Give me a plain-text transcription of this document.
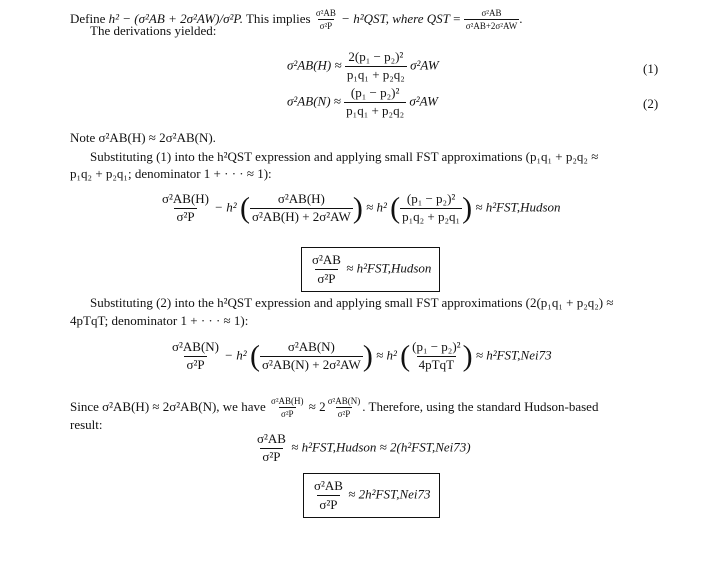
Define h² − (σ²AB + 2σ²AW)/σ²P. This implies $\frac{\text{σ²AB}}{\text{σ²P}} - h^2QST$, where QST = $\frac{\text{σ²AB}}{\text{σ²AB+2σ²AW}}$ .
The derivations yielded:
$\sigma^2AB(H) \approx \frac{\text{2(p₁ − p₂)²}}{\text{p₁q₁ + p₂q₂}} \sigma^2AW$	(1)
$\sigma^2AB(N) \approx \frac{\text{(p₁ − p₂)²}}{\text{p₁q₁ + p₂q₂}} \sigma^2AW$	(2)
Note σ²AB(H) ≈ 2σ²AB(N).
Substituting (1) into the h²QST expression and applying small FST approximations (p₁q₁ + p₂q₂ ≈
p₁q₂ + p₂q₁; denominator 1 + · · · ≈ 1):
$\frac{\text{σ²AB(H)}}{\text{σ²P}} - h^2$ ( $\frac{\text{σ²AB(H)}}{\text{σ²AB(H) + 2σ²AW}}$ ) ≈ h² ( $\frac{\text{(p₁ − p₂)²}}{\text{p₁q₂ + p₂q₁}}$ ) ≈ h²FST,Hudson
$\frac{\text{σ²AB}}{\text{σ²P}}$ ≈ h²FST,Hudson
Substituting (2) into the h²QST expression and applying small FST approximations (2(p₁q₁ + p₂q₂) ≈
4pTqT; denominator 1 + · · · ≈ 1):
$\frac{\text{σ²AB(N)}}{\text{σ²P}} - h^2$ ( $\frac{\text{σ²AB(N)}}{\text{σ²AB(N) + 2σ²AW}}$ ) ≈ h² ( $\frac{\text{(p₁ − p₂)²}}{\text{4pTqT}}$ ) ≈ h²FST,Nei73
Since σ²AB(H) ≈ 2σ²AB(N), we have $\frac{\text{σ²AB(H)}}{\text{σ²P}} \approx 2 \frac{\text{σ²AB(N)}}{\text{σ²P}}$ . Therefore, using the standard Hudson-based
result:
$\frac{\text{σ²AB}}{\text{σ²P}}$ ≈ h²FST,Hudson ≈ 2(h²FST,Nei73)
$\frac{\text{σ²AB}}{\text{σ²P}} \approx 2h^2FST,Nei73$
